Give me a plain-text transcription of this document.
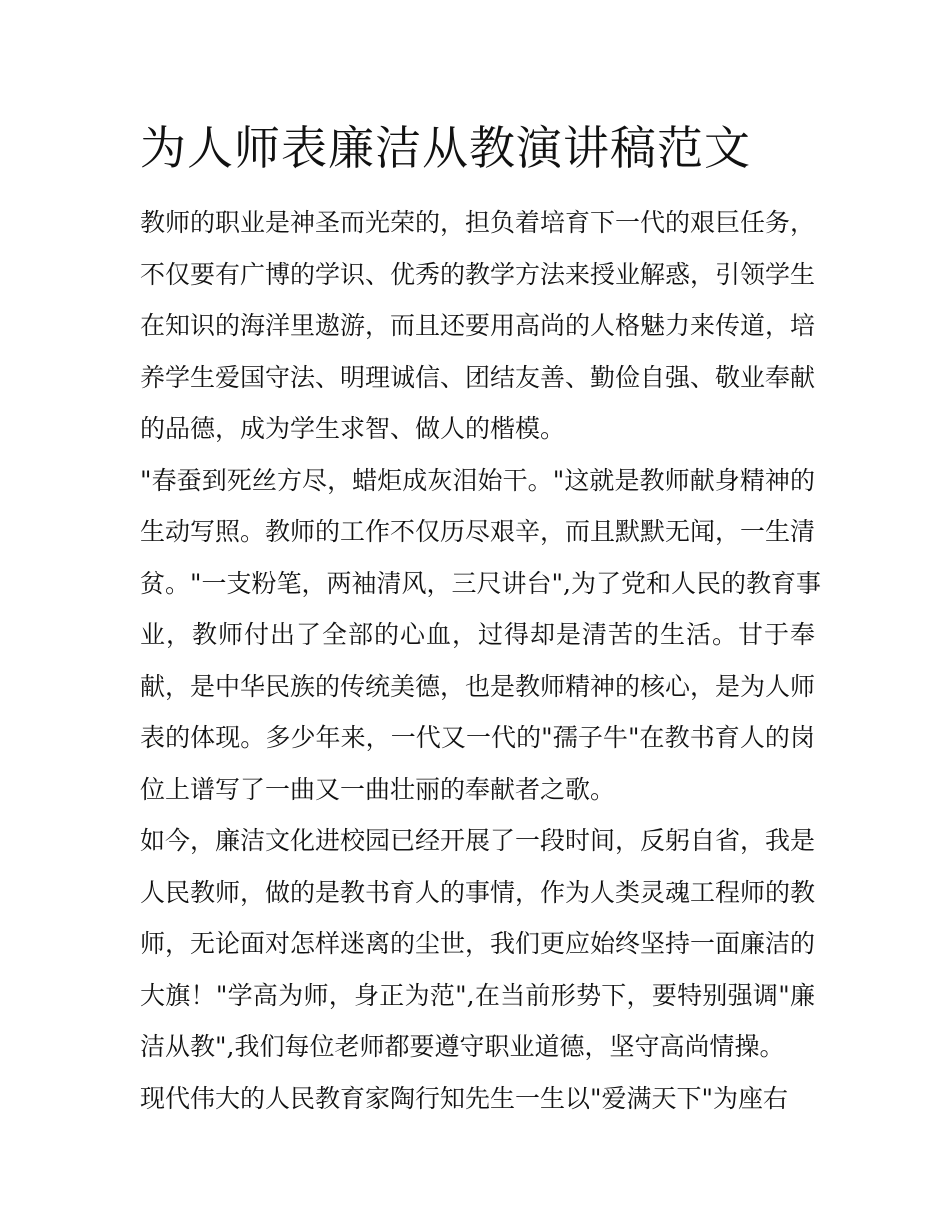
为人师表廉洁从教演讲稿范文
教师的职业是神圣而光荣的，担负着培育下一代的艰巨任务，
不仅要有广博的学识、优秀的教学方法来授业解惑，引领学生
在知识的海洋里遨游，而且还要用高尚的人格魅力来传道，培
养学生爱国守法、明理诚信、团结友善、勤俭自强、敬业奉献
的品德，成为学生求智、做人的楷模。
"春蚕到死丝方尽，蜡炬成灰泪始干。"这就是教师献身精神的
生动写照。教师的工作不仅历尽艰辛，而且默默无闻，一生清
贫。"一支粉笔，两袖清风，三尺讲台",为了党和人民的教育事
业，教师付出了全部的心血，过得却是清苦的生活。甘于奉
献，是中华民族的传统美德，也是教师精神的核心，是为人师
表的体现。多少年来，一代又一代的"孺子牛"在教书育人的岗
位上谱写了一曲又一曲壮丽的奉献者之歌。
如今，廉洁文化进校园已经开展了一段时间，反躬自省，我是
人民教师，做的是教书育人的事情，作为人类灵魂工程师的教
师，无论面对怎样迷离的尘世，我们更应始终坚持一面廉洁的
大旗！"学高为师，身正为范",在当前形势下，要特别强调"廉
洁从教",我们每位老师都要遵守职业道德，坚守高尚情操。
现代伟大的人民教育家陶行知先生一生以"爱满天下"为座右
